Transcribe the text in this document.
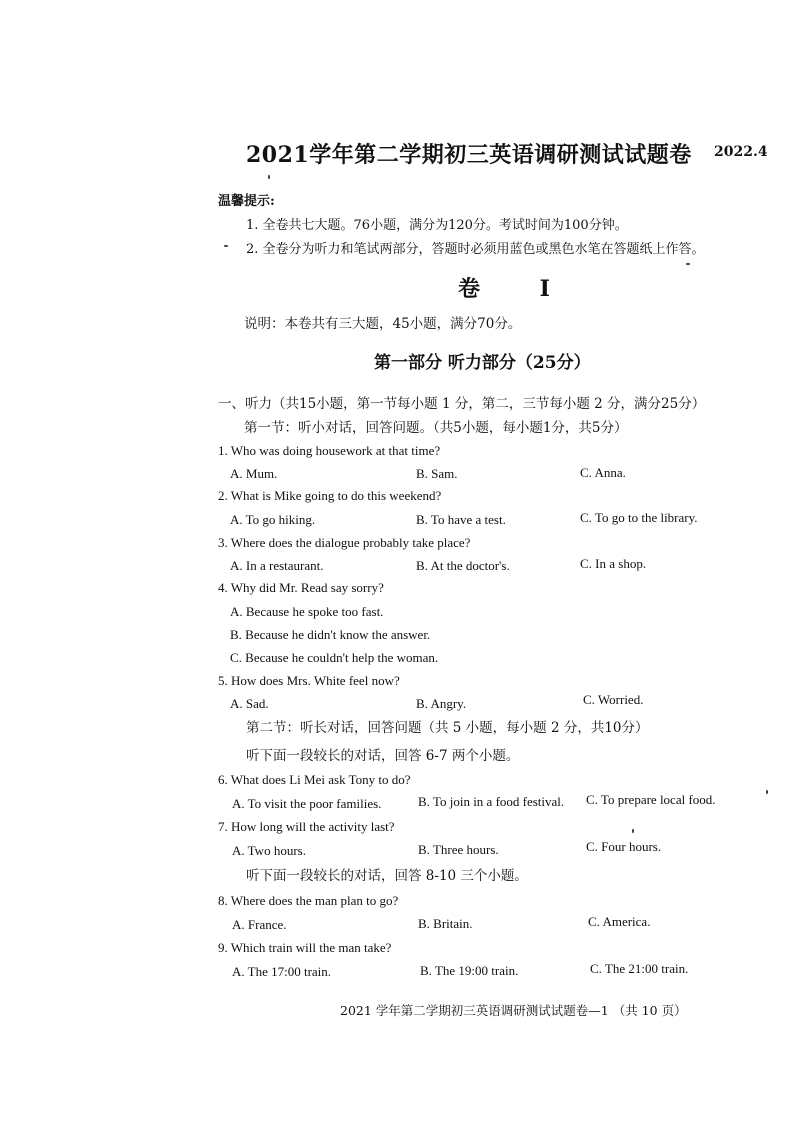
2021学年第二学期初三英语调研测试试题卷 2022.4
温馨提示:
1. 全卷共七大题。76小题，满分为120分。考试时间为100分钟。
2. 全卷分为听力和笔试两部分，答题时必须用蓝色或黑色水笔在答题纸上作答。
卷 I
说明：本卷共有三大题，45小题，满分70分。
第一部分 听力部分（25分）
一、听力（共15小题，第一节每小题 1 分，第二，三节每小题 2 分，满分25分）
第一节：听小对话，回答问题。（共5小题，每小题1分，共5分）
1. Who was doing housework at that time?
A. Mum.	B. Sam.	C. Anna.
2. What is Mike going to do this weekend?
A. To go hiking.	B. To have a test.	C. To go to the library.
3. Where does the dialogue probably take place?
A. In a restaurant.	B. At the doctor's.	C. In a shop.
4. Why did Mr. Read say sorry?
A. Because he spoke too fast.
B. Because he didn't know the answer.
C. Because he couldn't help the woman.
5. How does Mrs. White feel now?
A. Sad.	B. Angry.	C. Worried.
第二节：听长对话，回答问题（共 5 小题，每小题 2 分，共10分）
听下面一段较长的对话，回答 6-7 两个小题。
6. What does Li Mei ask Tony to do?
A. To visit the poor families.	B. To join in a food festival. C. To prepare local food.
7. How long will the activity last?
A. Two hours.	B. Three hours.	C. Four hours.
听下面一段较长的对话，回答 8-10 三个小题。
8. Where does the man plan to go?
A. France.	B. Britain.	C. America.
9. Which train will the man take?
A. The 17:00 train.	B. The 19:00 train.	C. The 21:00 train.
2021 学年第二学期初三英语调研测试试题卷—1 （共 10 页）
